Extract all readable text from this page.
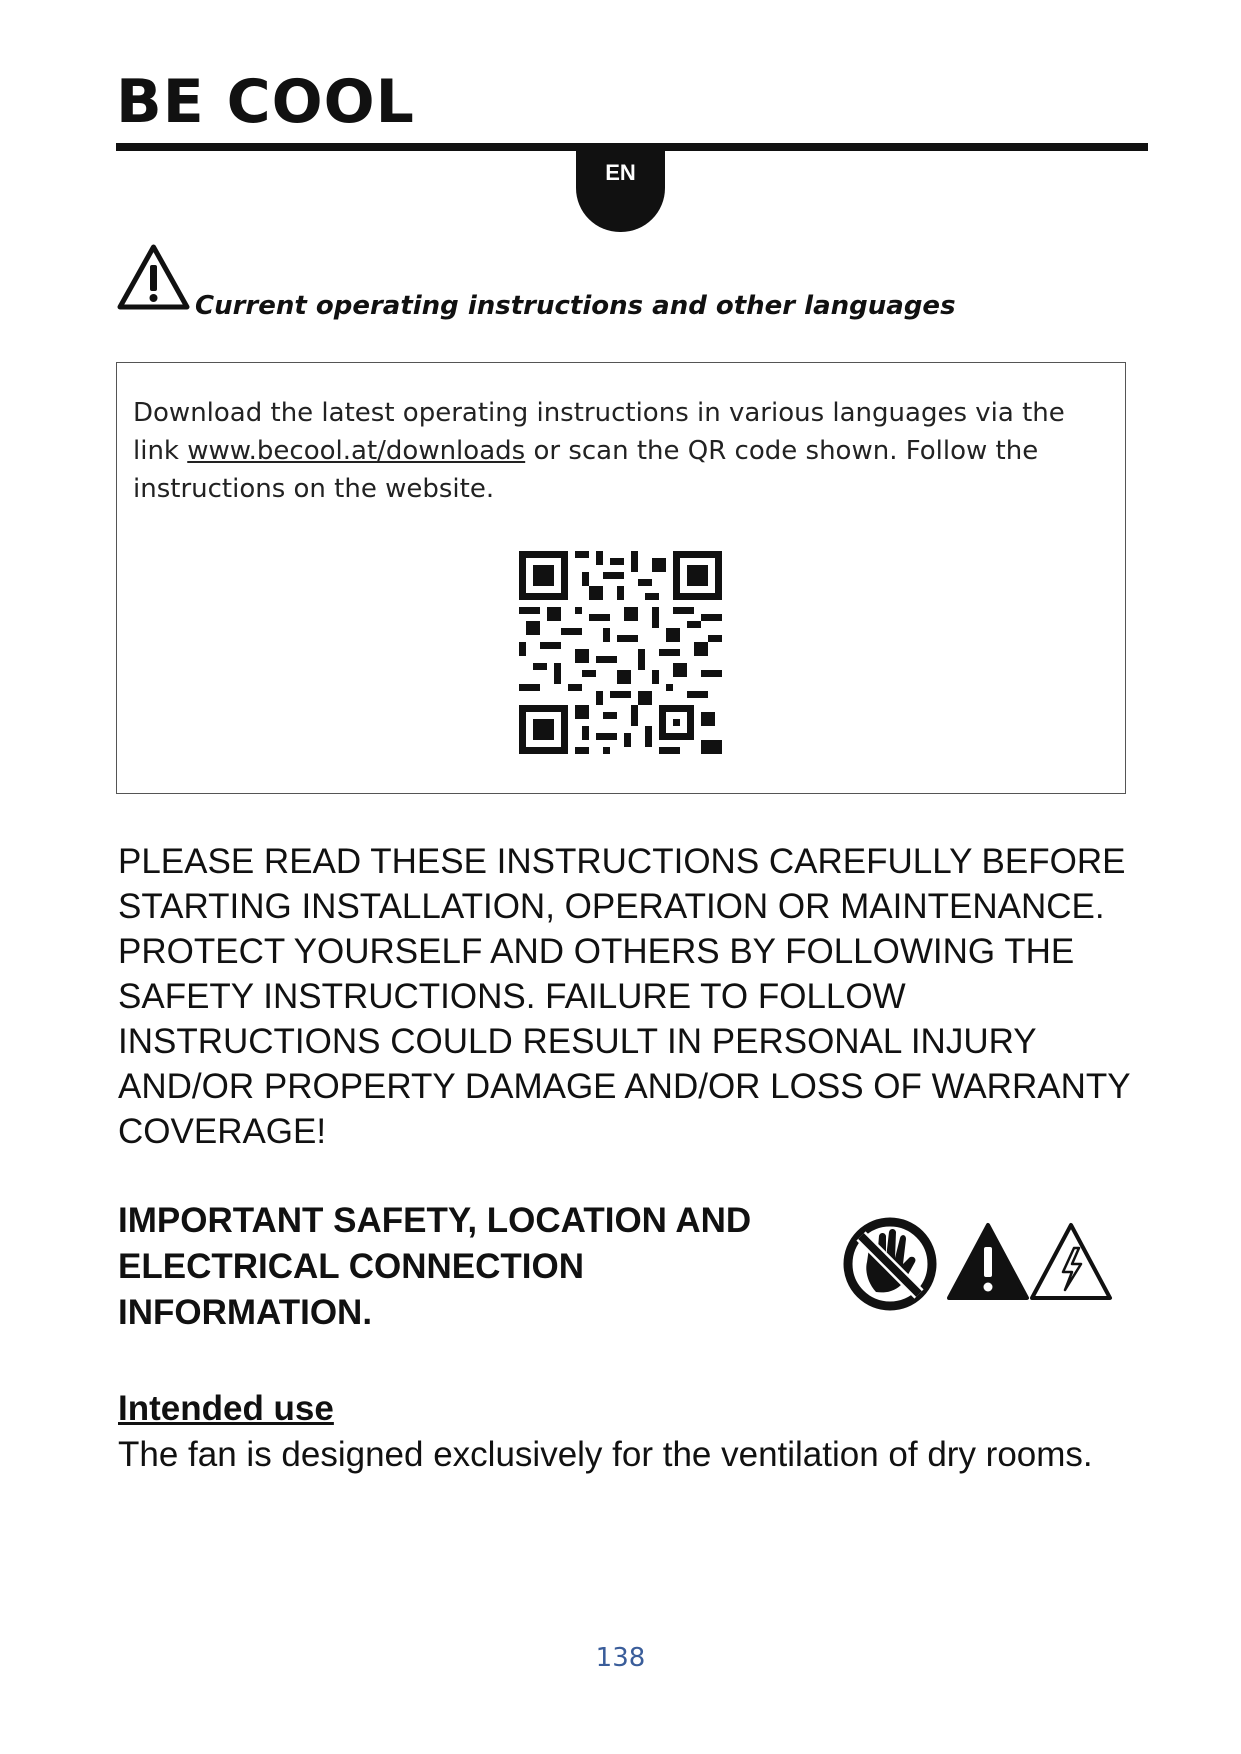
BE COOL
EN
Current operating instructions and other languages
Download the latest operating instructions in various languages via the link www.becool.at/downloads or scan the QR code shown. Follow the instructions on the website.
PLEASE READ THESE INSTRUCTIONS CAREFULLY BEFORE STARTING INSTALLATION, OPERATION OR MAINTENANCE. PROTECT YOURSELF AND OTHERS BY FOLLOWING THE SAFETY INSTRUCTIONS. FAILURE TO FOLLOW INSTRUCTIONS COULD RESULT IN PERSONAL INJURY AND/OR PROPERTY DAMAGE AND/OR LOSS OF WARRANTY COVERAGE!
IMPORTANT SAFETY, LOCATION AND ELECTRICAL CONNECTION INFORMATION.
Intended use
The fan is designed exclusively for the ventilation of dry rooms.
138
